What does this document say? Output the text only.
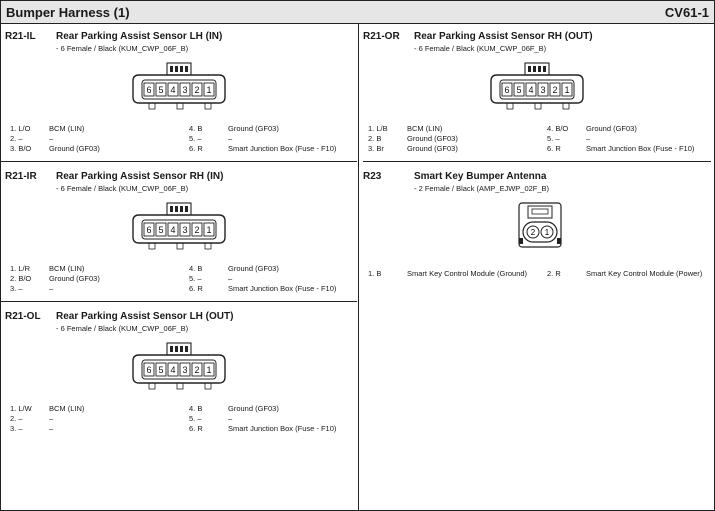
Bumper Harness (1)	CV61-1
R21-IL Rear Parking Assist Sensor LH (IN)
- 6 Female / Black (KUM_CWP_06F_B)
6 5 4 3 2 1
1. L/O BCM (LIN)	4. B	Ground (GF03)
2. –	–	5. –	–
3. B/O Ground (GF03)	6. R	Smart Junction Box (Fuse - F10)
R21-IR Rear Parking Assist Sensor RH (IN)
- 6 Female / Black (KUM_CWP_06F_B)
6 5 4 3 2 1
1. L/R	BCM (LIN)	4. B	Ground (GF03)
2. B/O Ground (GF03)	5. –	–
3. –	–	6. R	Smart Junction Box (Fuse - F10)
R21-OL Rear Parking Assist Sensor LH (OUT)
- 6 Female / Black (KUM_CWP_06F_B)
6 5 4 3 2 1
1. L/W BCM (LIN)	4. B	Ground (GF03)
2. –	–	5. –	–
3. –	–	6. R	Smart Junction Box (Fuse - F10)
R21-OR Rear Parking Assist Sensor RH (OUT)
- 6 Female / Black (KUM_CWP_06F_B)
6 5 4 3 2 1
1. L/B	BCM (LIN)	4. B/O Ground (GF03)
2. B	Ground (GF03)	5. –	–
3. Br	Ground (GF03)	6. R	Smart Junction Box (Fuse - F10)
R23	Smart Key Bumper Antenna
- 2 Female / Black (AMP_EJWP_02F_B)
2 1
1. B	Smart Key Control Module (Ground)	2. R	Smart Key Control Module (Power)
